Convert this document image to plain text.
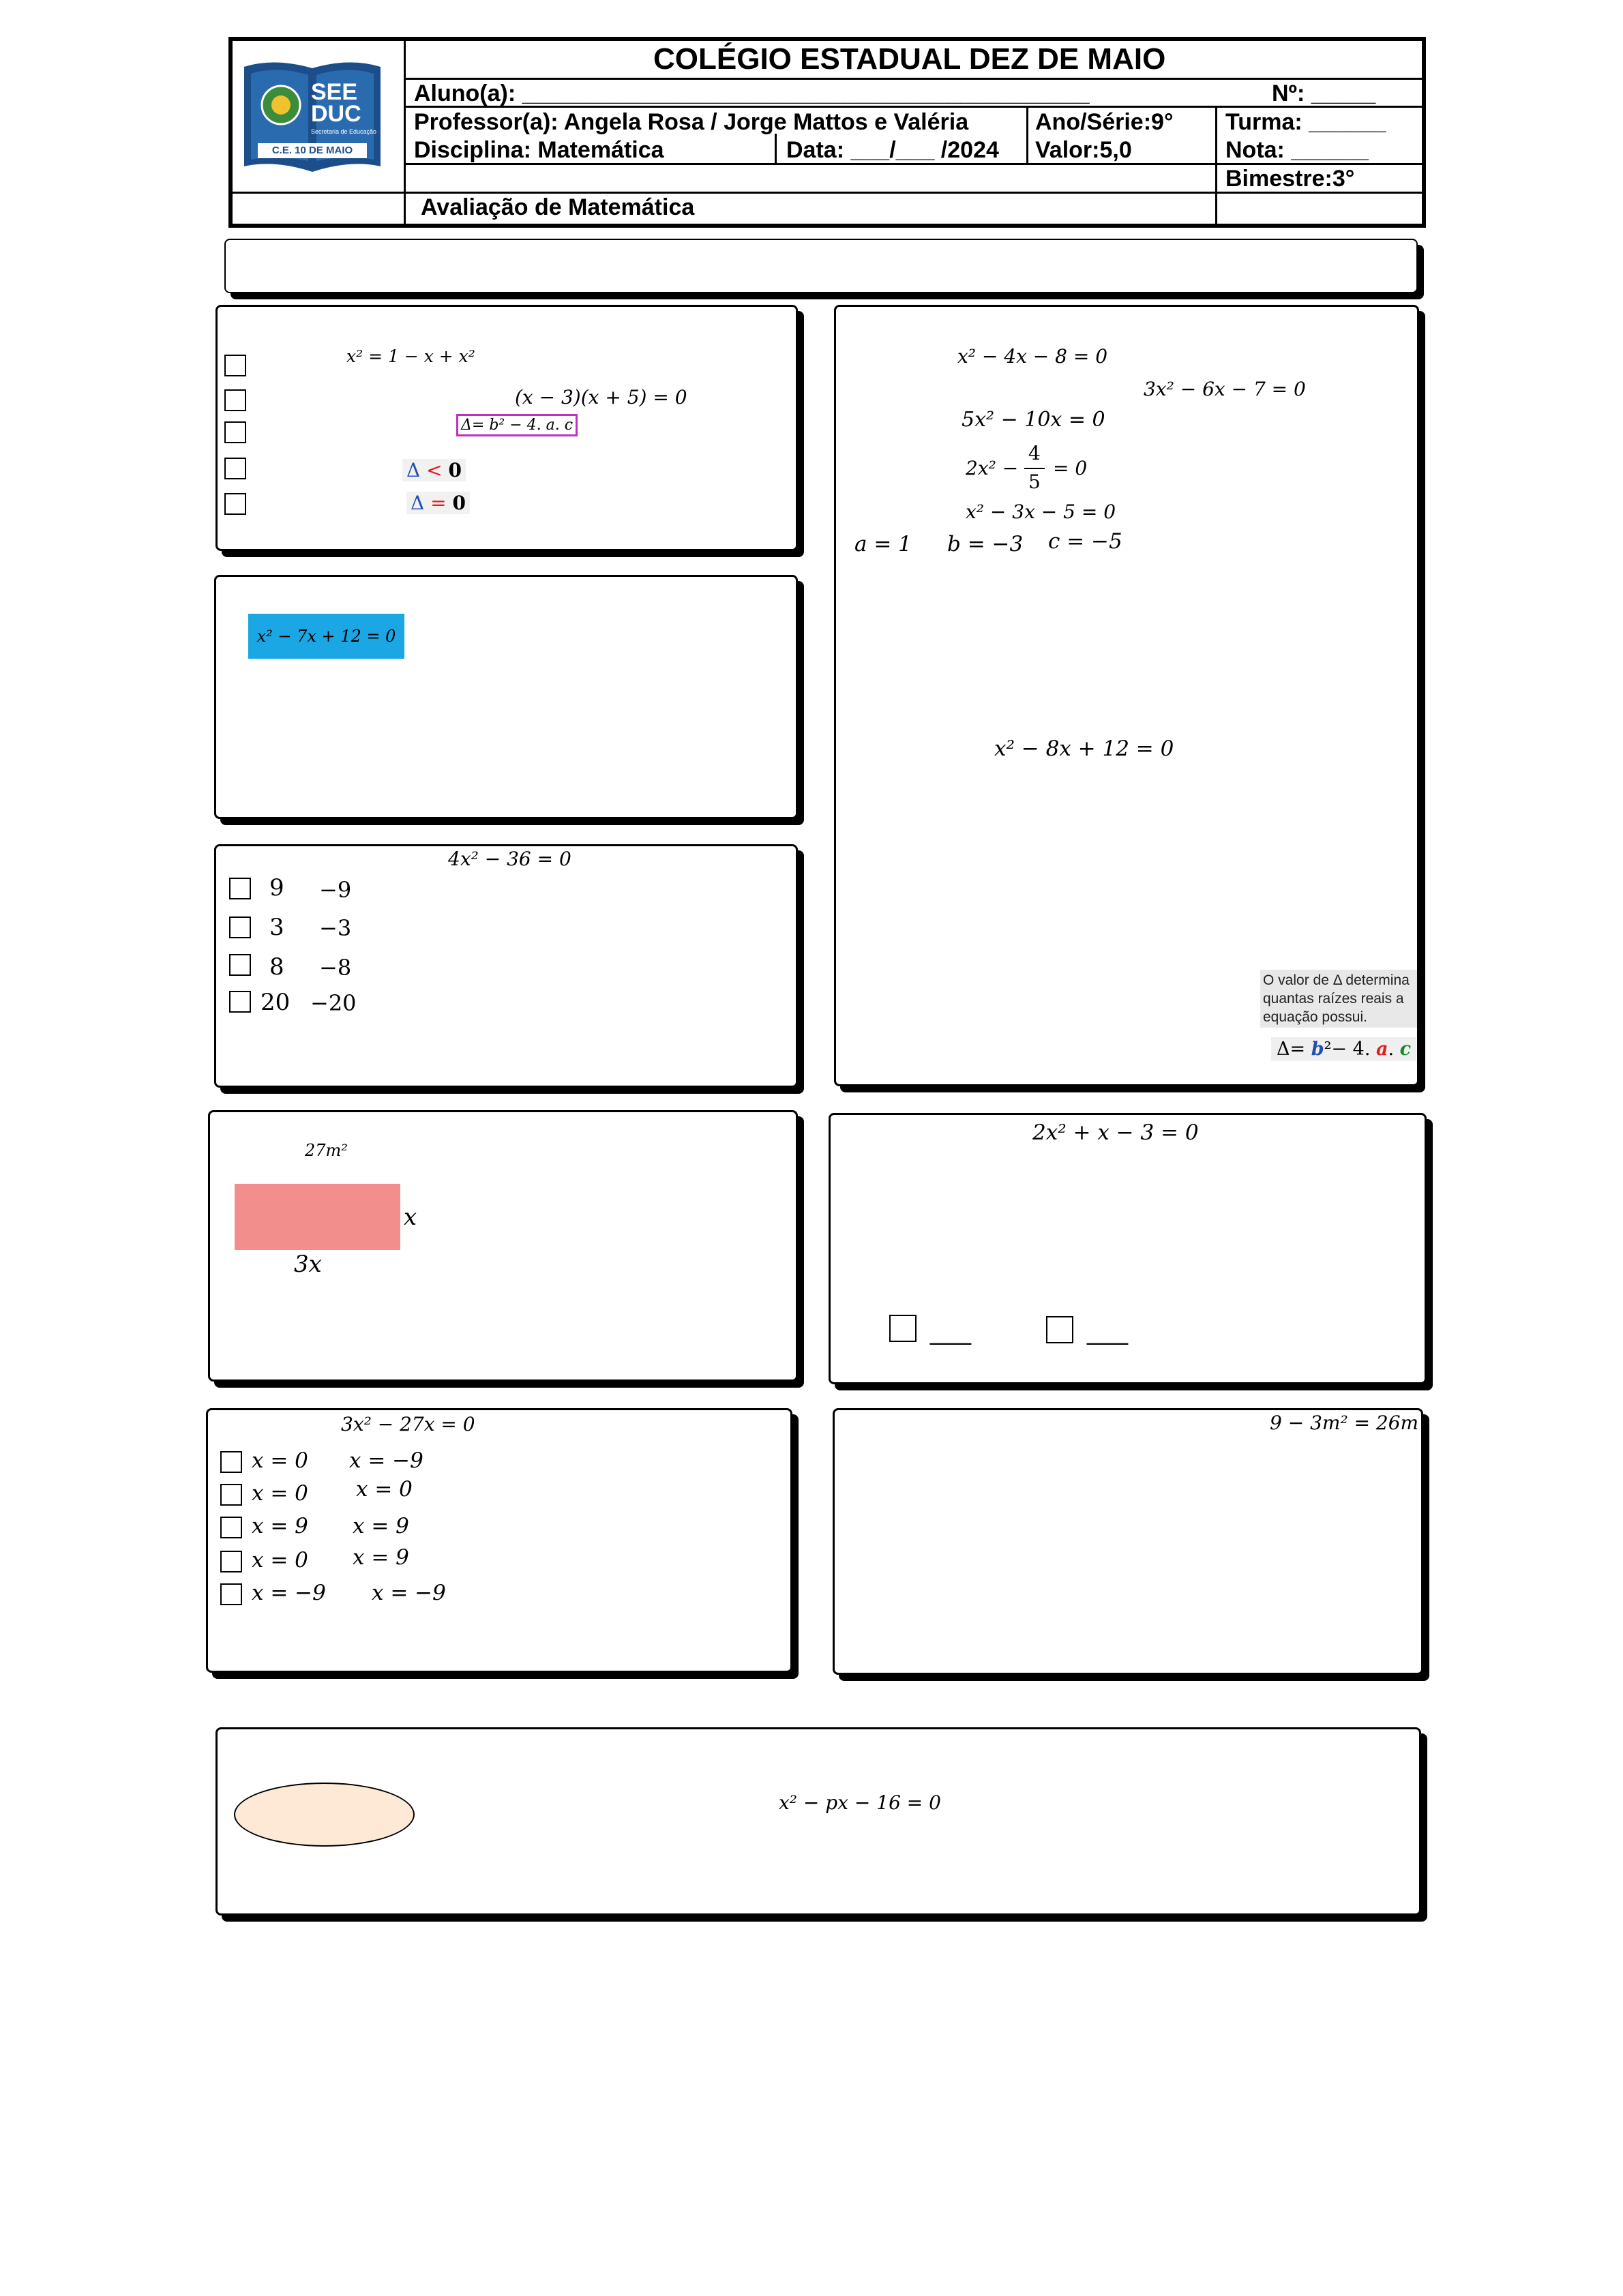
SEE
DUC
Secretaria de Educação
C.E. 10 DE MAIO
COLÉGIO ESTADUAL DEZ DE MAIO
Aluno(a): ____________________________________________	Nº: _____
Professor(a): Angela Rosa / Jorge Mattos e Valéria	Ano/Série:9° Turma: ______
Disciplina: Matemática	Data: ___/___ /2024 Valor:5,0	Nota: ______
Bimestre:3°
Avaliação de Matemática
x² = 1 − x + x²
(x − 3)(x + 5) = 0
Δ= b² − 4. a. c
Δ < 0
Δ = 0
x² − 7x + 12 = 0
4x² − 36 = 0
9 −9
3 −3
8 −8
20 −20
x² − 4x − 8 = 0
3x² − 6x − 7 = 0
5x² − 10x = 0
2x² −
4
5
= 0
x² − 3x − 5 = 0
a = 1 b = −3 c = −5
x² − 8x + 12 = 0
O valor de Δ determina quantas raízes reais a equação possui.
Δ= b²− 4. a. c
27m²
x
3x
2x² + x − 3 = 0
___	___
3x² − 27x = 0
x = 0 x = −9
x = 0 x = 0
x = 9 x = 9
x = 0 x = 9
x = −9 x = −9
9 − 3m² = 26m
x² − px − 16 = 0
